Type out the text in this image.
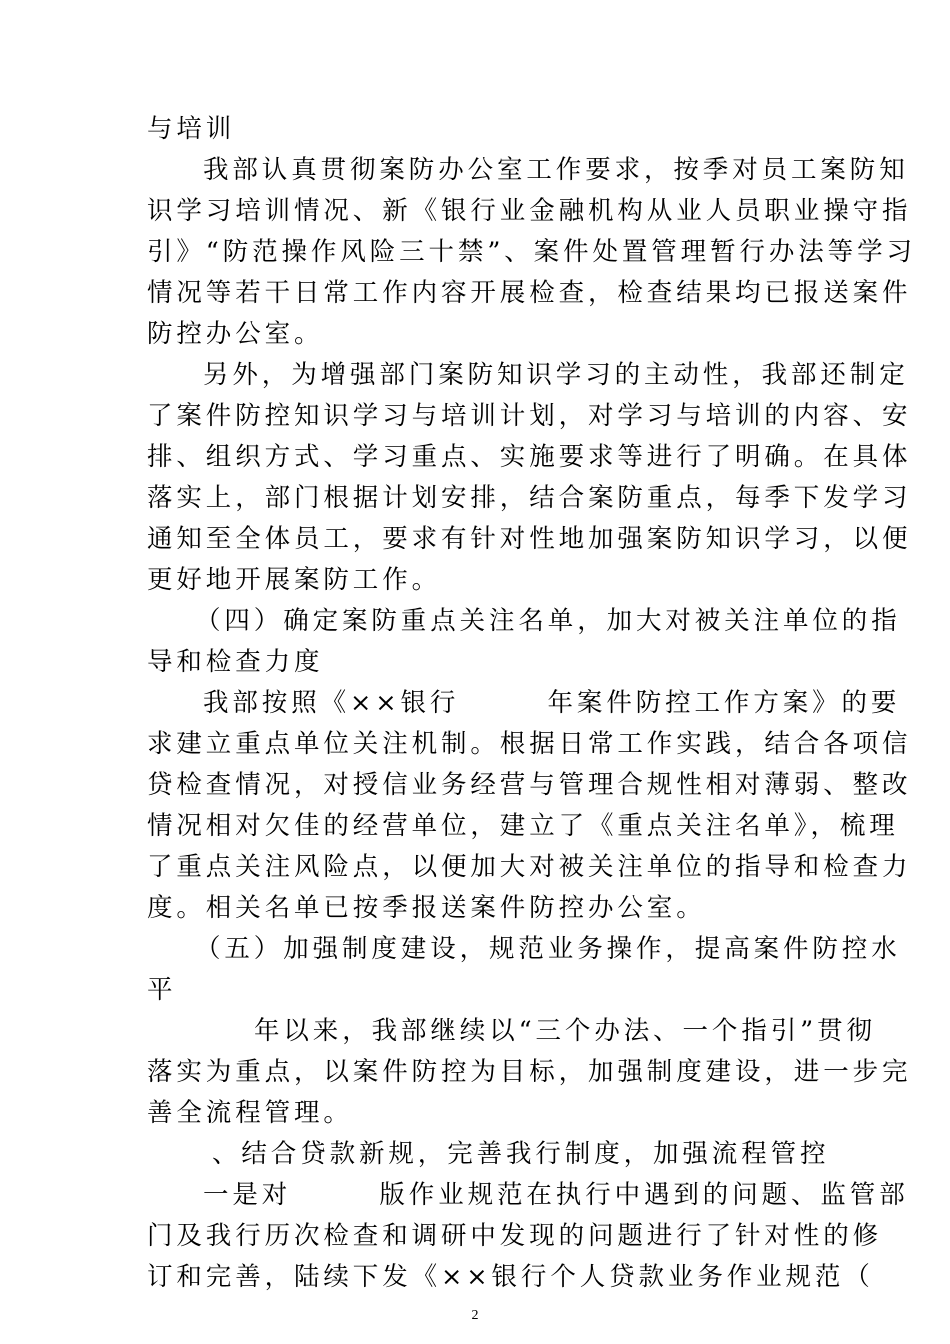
与培训

我部认真贯彻案防办公室工作要求，按季对员工案防知

识学习培训情况、新《银行业金融机构从业人员职业操守指

引》“防范操作风险三十禁”、案件处置管理暂行办法等学习

情况等若干日常工作内容开展检查，检查结果均已报送案件

防控办公室。

另外，为增强部门案防知识学习的主动性，我部还制定

了案件防控知识学习与培训计划，对学习与培训的内容、安

排、组织方式、学习重点、实施要求等进行了明确。在具体

落实上，部门根据计划安排，结合案防重点，每季下发学习

通知至全体员工，要求有针对性地加强案防知识学习，以便

更好地开展案防工作。

（四）确定案防重点关注名单，加大对被关注单位的指

导和检查力度

我部按照《××银行　　　年案件防控工作方案》的要

求建立重点单位关注机制。根据日常工作实践，结合各项信

贷检查情况，对授信业务经营与管理合规性相对薄弱、整改

情况相对欠佳的经营单位，建立了《重点关注名单》，梳理

了重点关注风险点，以便加大对被关注单位的指导和检查力

度。相关名单已按季报送案件防控办公室。

（五）加强制度建设，规范业务操作，提高案件防控水

平

年以来，我部继续以“三个办法、一个指引”贯彻

落实为重点，以案件防控为目标，加强制度建设，进一步完

善全流程管理。

、结合贷款新规，完善我行制度，加强流程管控

一是对　　　版作业规范在执行中遇到的问题、监管部

门及我行历次检查和调研中发现的问题进行了针对性的修

订和完善，陆续下发《××银行个人贷款业务作业规范（

2
